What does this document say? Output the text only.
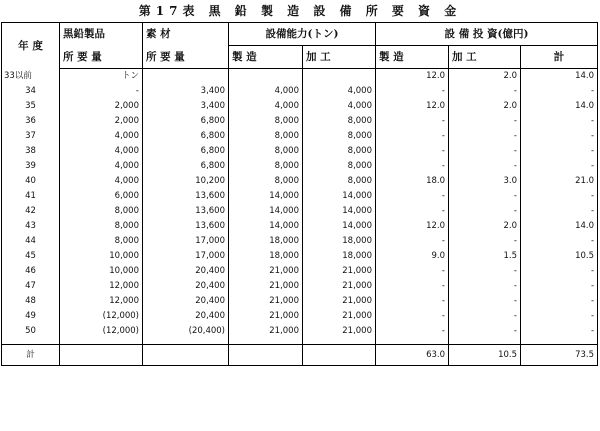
第17表 黒 鉛 製 造 設 備 所 要 資 金
年 度	黒鉛製品	素 材	設備能力(トン)		設 備 投 資(億円)		
	所 要 量	所 要 量	製 造	加 工	製 造	加 工	計
33以前	トン				12.0	2.0	14.0
34	-	3,400	4,000	4,000	-	-	-
35	2,000	3,400	4,000	4,000	12.0	2.0	14.0
36	2,000	6,800	8,000	8,000	-	-	-
37	4,000	6,800	8,000	8,000	-	-	-
38	4,000	6,800	8,000	8,000	-	-	-
39	4,000	6,800	8,000	8,000	-	-	-
40	4,000	10,200	8,000	8,000	18.0	3.0	21.0
41	6,000	13,600	14,000	14,000	-	-	-
42	8,000	13,600	14,000	14,000	-	-	-
43	8,000	13,600	14,000	14,000	12.0	2.0	14.0
44	8,000	17,000	18,000	18,000	-	-	-
45	10,000	17,000	18,000	18,000	9.0	1.5	10.5
46	10,000	20,400	21,000	21,000	-	-	-
47	12,000	20,400	21,000	21,000	-	-	-
48	12,000	20,400	21,000	21,000	-	-	-
49	(12,000)	20,400	21,000	21,000	-	-	-
50	(12,000)	(20,400)	21,000	21,000	-	-	-

計					63.0	10.5	73.5
